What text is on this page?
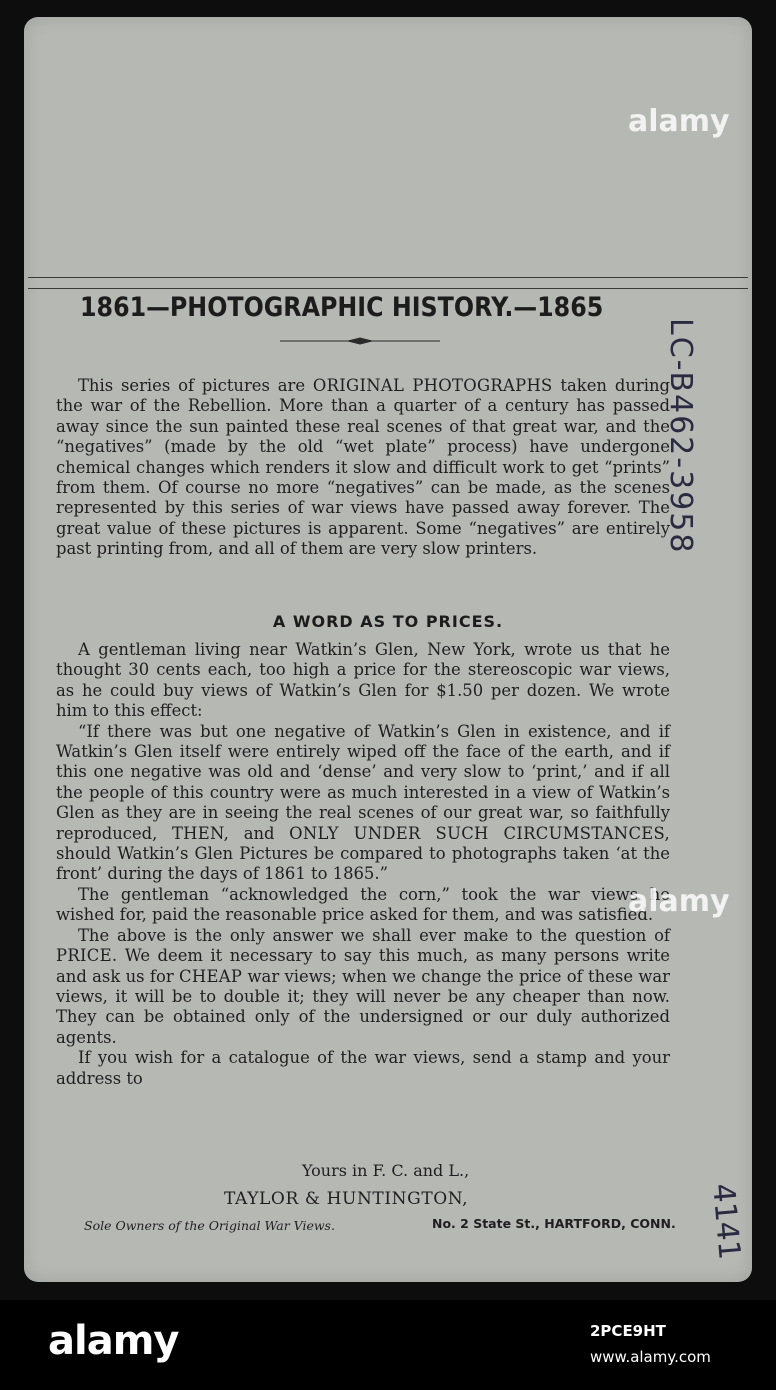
1861—PHOTOGRAPHIC HISTORY.—1865

This series of pictures are ORIGINAL PHOTOGRAPHS taken during the war of the Rebellion. More than a quarter of a century has passed away since the sun painted these real scenes of that great war, and the “negatives” (made by the old “wet plate” process) have undergone chemical changes which renders it slow and difficult work to get “prints” from them. Of course no more “negatives” can be made, as the scenes represented by this series of war views have passed away forever. The great value of these pictures is apparent. Some “negatives” are entirely past printing from, and all of them are very slow printers.

A WORD AS TO PRICES.

A gentleman living near Watkin’s Glen, New York, wrote us that he thought 30 cents each, too high a price for the stereoscopic war views, as he could buy views of Watkin’s Glen for $1.50 per dozen. We wrote him to this effect:

“If there was but one negative of Watkin’s Glen in existence, and if Watkin’s Glen itself were entirely wiped off the face of the earth, and if this one negative was old and ‘dense’ and very slow to ‘print,’ and if all the people of this country were as much interested in a view of Watkin’s Glen as they are in seeing the real scenes of our great war, so faithfully reproduced, THEN, and ONLY UNDER SUCH CIRCUMSTANCES, should Watkin’s Glen Pictures be compared to photographs taken ‘at the front’ during the days of 1861 to 1865.”

The gentleman “acknowledged the corn,” took the war views he wished for, paid the reasonable price asked for them, and was satisfied.

The above is the only answer we shall ever make to the question of PRICE. We deem it necessary to say this much, as many persons write and ask us for CHEAP war views; when we change the price of these war views, it will be to double it; they will never be any cheaper than now. They can be obtained only of the undersigned or our duly authorized agents.

If you wish for a catalogue of the war views, send a stamp and your address to

Yours in F. C. and L.,
TAYLOR & HUNTINGTON,
Sole Owners of the Original War Views.	No. 2 State St., HARTFORD, CONN.
LC-B462-3958
4141
alamy
alamy
alamy	2PCE9HT
www.alamy.com
